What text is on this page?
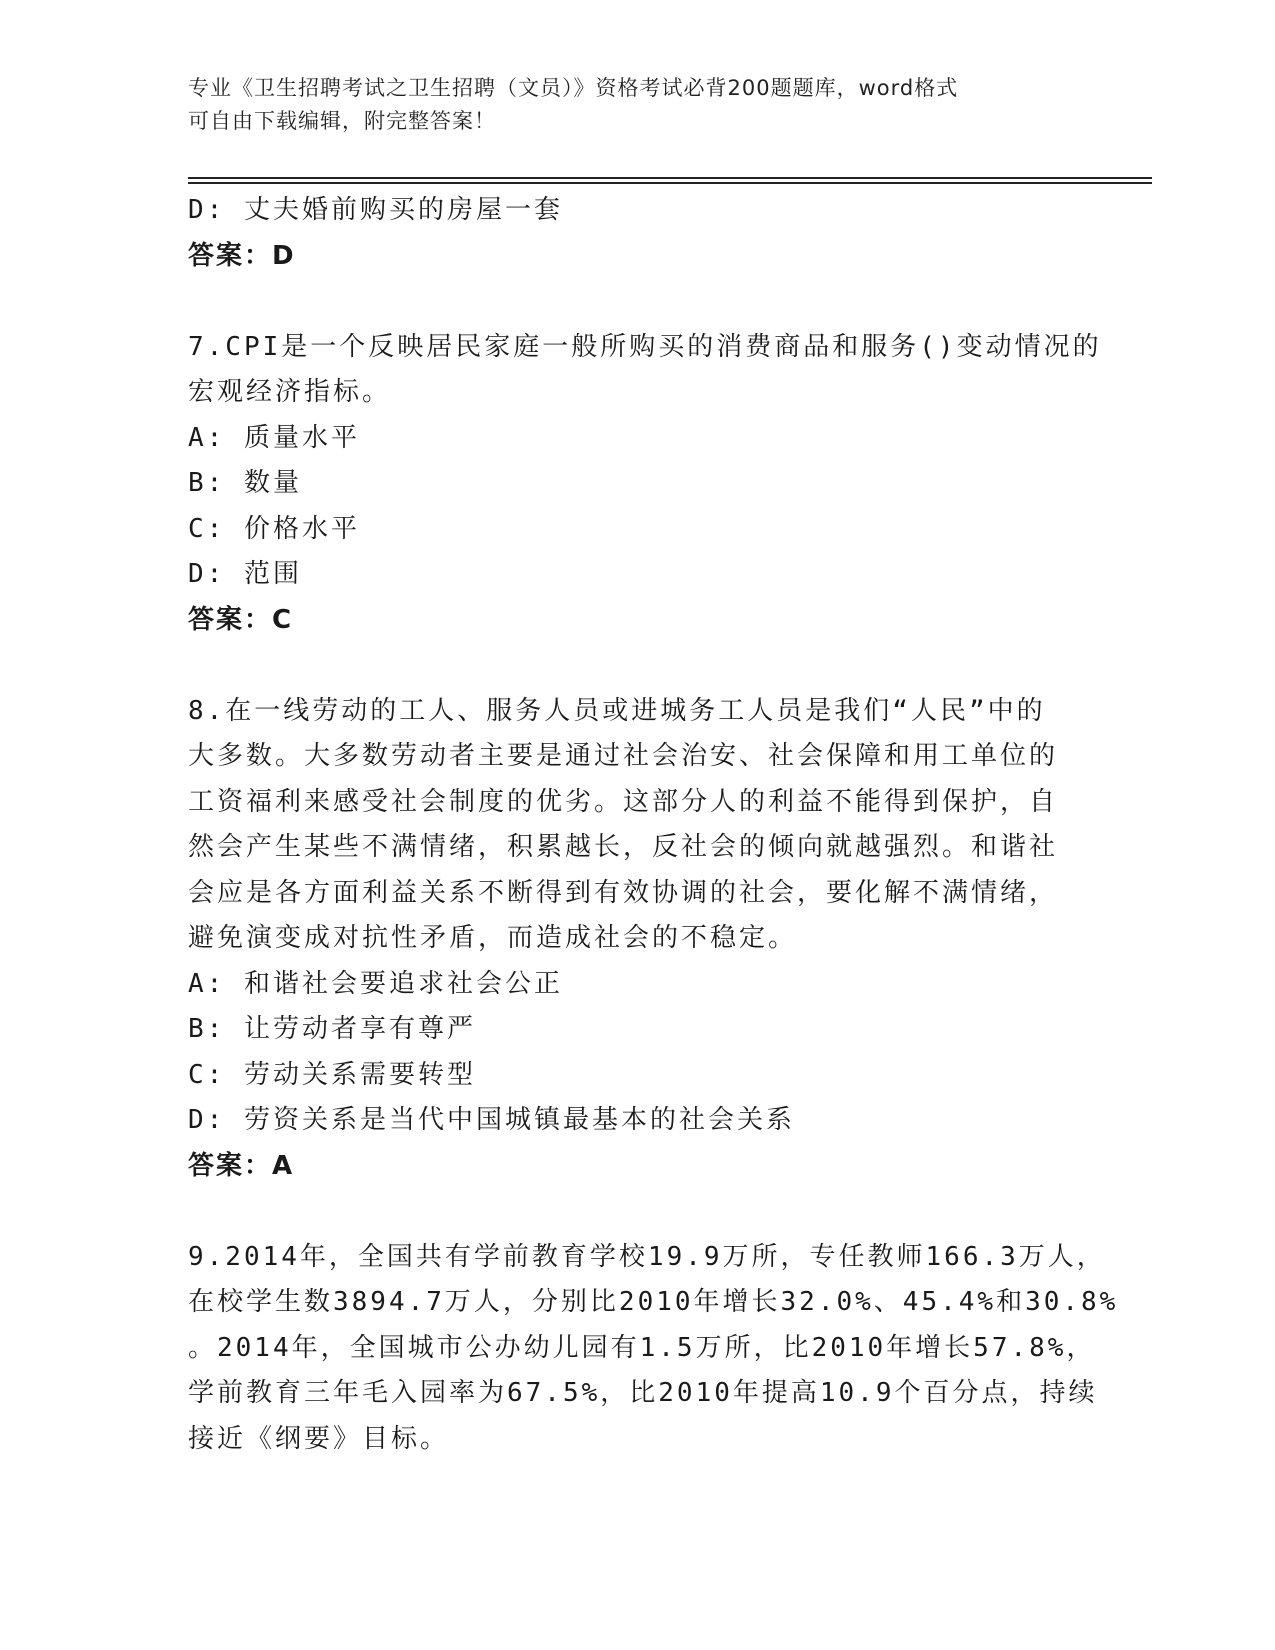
专业《卫生招聘考试之卫生招聘（文员）》资格考试必背200题题库，word格式
可自由下载编辑，附完整答案！
D: 丈夫婚前购买的房屋一套
答案：D
7.CPI是一个反映居民家庭一般所购买的消费商品和服务()变动情况的
宏观经济指标。
A: 质量水平
B: 数量
C: 价格水平
D: 范围
答案：C
8.在一线劳动的工人、服务人员或进城务工人员是我们“人民”中的
大多数。大多数劳动者主要是通过社会治安、社会保障和用工单位的
工资福利来感受社会制度的优劣。这部分人的利益不能得到保护，自
然会产生某些不满情绪，积累越长，反社会的倾向就越强烈。和谐社
会应是各方面利益关系不断得到有效协调的社会，要化解不满情绪，
避免演变成对抗性矛盾，而造成社会的不稳定。
A: 和谐社会要追求社会公正
B: 让劳动者享有尊严
C: 劳动关系需要转型
D: 劳资关系是当代中国城镇最基本的社会关系
答案：A
9.2014年，全国共有学前教育学校19.9万所，专任教师166.3万人，
在校学生数3894.7万人，分别比2010年增长32.0%、45.4%和30.8%
。2014年，全国城市公办幼儿园有1.5万所，比2010年增长57.8%，
学前教育三年毛入园率为67.5%，比2010年提高10.9个百分点，持续
接近《纲要》目标。
